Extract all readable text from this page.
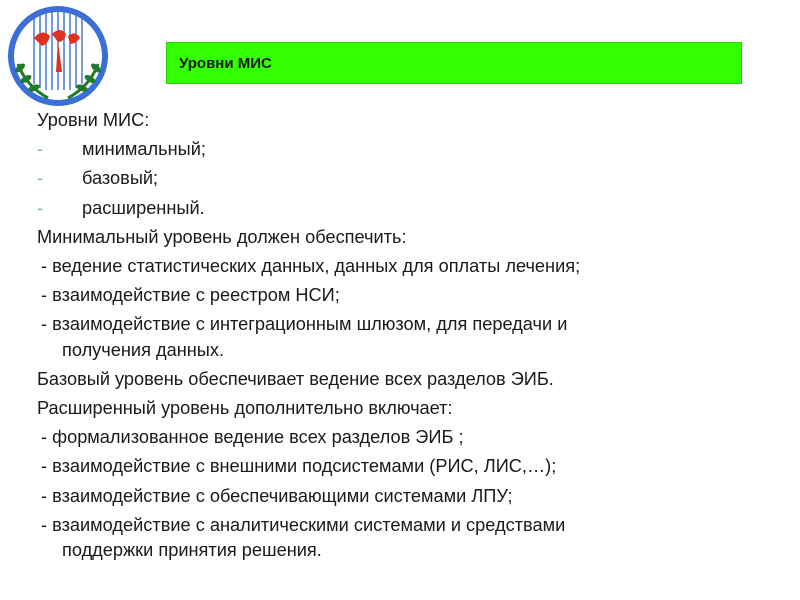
Уровни МИС
Уровни МИС:
-	минимальный;
-	базовый;
-	расширенный.
Минимальный уровень должен обеспечить:
- ведение статистических данных, данных для оплаты лечения;
- взаимодействие с реестром НСИ;
- взаимодействие с интеграционным шлюзом, для передачи и
получения данных.
Базовый уровень обеспечивает ведение всех разделов ЭИБ.
Расширенный уровень дополнительно включает:
- формализованное ведение всех разделов ЭИБ ;
- взаимодействие с внешними подсистемами (РИС, ЛИС,…);
- взаимодействие с обеспечивающими системами ЛПУ;
- взаимодействие с аналитическими системами и средствами
поддержки принятия решения.
